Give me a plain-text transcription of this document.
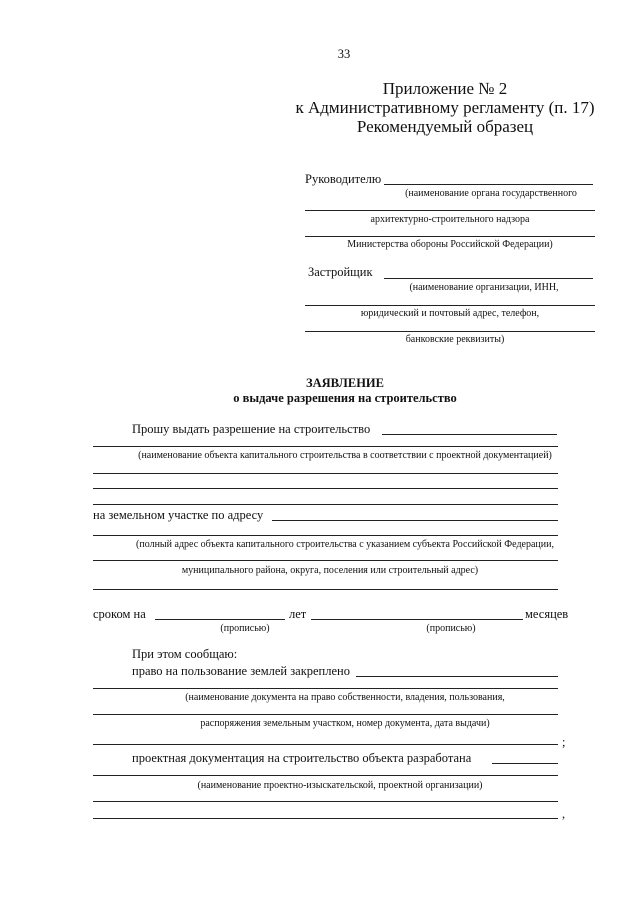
33
Приложение № 2
к Административному регламенту (п. 17)
Рекомендуемый образец
Руководителю
(наименование органа государственного
архитектурно-строительного надзора
Министерства обороны Российской Федерации)
Застройщик
(наименование организации, ИНН,
юридический и почтовый адрес, телефон,
банковские реквизиты)
ЗАЯВЛЕНИЕ
о выдаче разрешения на строительство
Прошу выдать разрешение на строительство
(наименование объекта капитального строительства в соответствии с проектной документацией)
на земельном участке по адресу
(полный адрес объекта капитального строительства с указанием субъекта Российской Федерации,
муниципального района, округа, поселения или строительный адрес)
сроком на	лет	месяцев
(прописью)	(прописью)
При этом сообщаю:
право на пользование землей закреплено
(наименование документа на право собственности, владения, пользования,
распоряжения земельным участком, номер документа, дата выдачи)
;
проектная документация на строительство объекта разработана
(наименование проектно-изыскательской, проектной организации)
,
